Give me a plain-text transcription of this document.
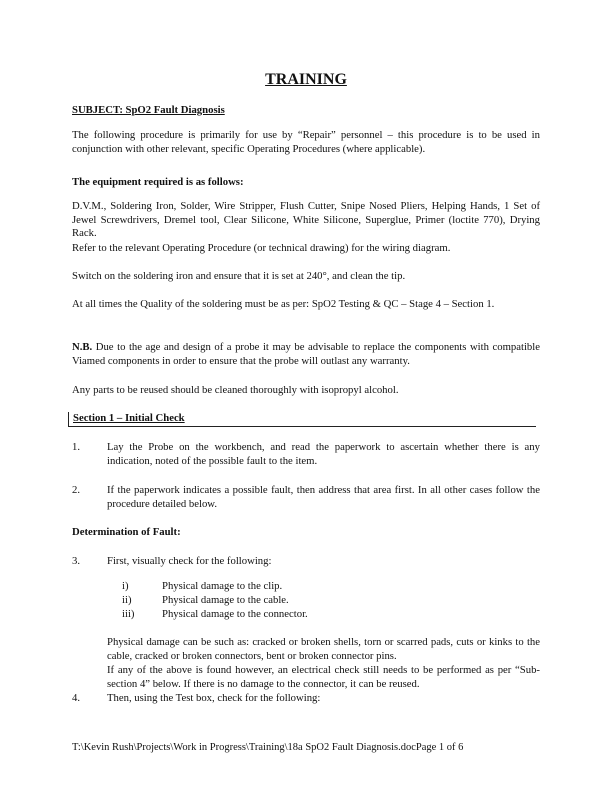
TRAINING
SUBJECT: SpO2 Fault Diagnosis
The following procedure is primarily for use by “Repair” personnel – this procedure is to be used in conjunction with other relevant, specific Operating Procedures (where applicable).
The equipment required is as follows:
D.V.M., Soldering Iron, Solder, Wire Stripper, Flush Cutter, Snipe Nosed Pliers, Helping Hands, 1 Set of Jewel Screwdrivers, Dremel tool, Clear Silicone, White Silicone, Superglue, Primer (loctite 770), Drying Rack.
Refer to the relevant Operating Procedure (or technical drawing) for the wiring diagram.
Switch on the soldering iron and ensure that it is set at 240°, and clean the tip.
At all times the Quality of the soldering must be as per: SpO2 Testing & QC – Stage 4 – Section 1.
N.B. Due to the age and design of a probe it may be advisable to replace the components with compatible Viamed components in order to ensure that the probe will outlast any warranty.
Any parts to be reused should be cleaned thoroughly with isopropyl alcohol.
Section 1 – Initial Check
1.	Lay the Probe on the workbench, and read the paperwork to ascertain whether there is any indication, noted of the possible fault to the item.
2.	If the paperwork indicates a possible fault, then address that area first. In all other cases follow the procedure detailed below.
Determination of Fault:
3.	First, visually check for the following:
i)	Physical damage to the clip.
ii)	Physical damage to the cable.
iii)	Physical damage to the connector.
Physical damage can be such as: cracked or broken shells, torn or scarred pads, cuts or kinks to the cable, cracked or broken connectors, bent or broken connector pins.
If any of the above is found however, an electrical check still needs to be performed as per “Sub-section 4” below. If there is no damage to the connector, it can be reused.
4.	Then, using the Test box, check for the following:
T:\Kevin Rush\Projects\Work in Progress\Training\18a SpO2 Fault Diagnosis.docPage 1 of 6
